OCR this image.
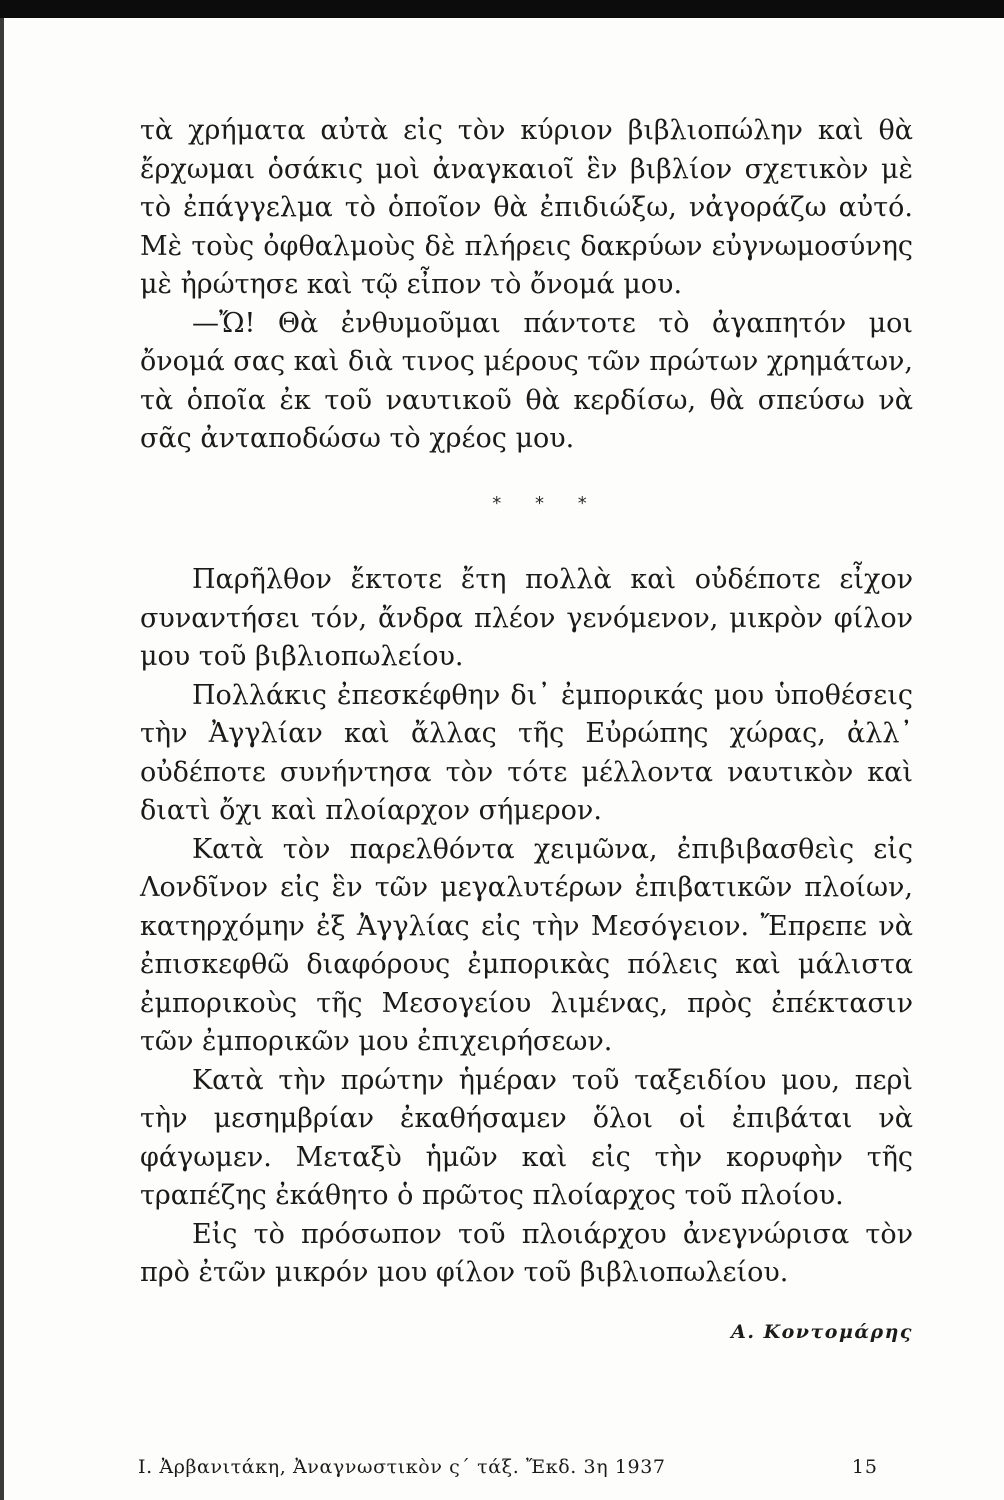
τὰ χρήματα αὐτὰ εἰς τὸν κύριον βιβλιοπώλην καὶ θὰ ἔρχωμαι ὁσάκις μοὶ ἀναγκαιοῖ ἓν βιβλίον σχετικὸν μὲ τὸ ἐπάγγελμα τὸ ὁποῖον θὰ ἐπιδιώξω, νἀγοράζω αὐτό. Μὲ τοὺς ὀφθαλμοὺς δὲ πλήρεις δακρύων εὐγνωμοσύνης μὲ ἠρώτησε καὶ τῷ εἶπον τὸ ὄνομά μου.

—Ὤ! Θὰ ἐνθυμοῦμαι πάντοτε τὸ ἀγαπητόν μοι ὄνομά σας καὶ διὰ τινος μέρους τῶν πρώτων χρημάτων, τὰ ὁποῖα ἐκ τοῦ ναυτικοῦ θὰ κερδίσω, θὰ σπεύσω νὰ σᾶς ἀνταποδώσω τὸ χρέος μου.

* * *

Παρῆλθον ἔκτοτε ἔτη πολλὰ καὶ οὐδέποτε εἶχον συναντήσει τόν, ἄνδρα πλέον γενόμενον, μικρὸν φίλον μου τοῦ βιβλιοπωλείου.

Πολλάκις ἐπεσκέφθην δι᾽ ἐμπορικάς μου ὑποθέσεις τὴν Ἀγγλίαν καὶ ἄλλας τῆς Εὐρώπης χώρας, ἀλλ᾽ οὐδέποτε συνήντησα τὸν τότε μέλλοντα ναυτικὸν καὶ διατὶ ὄχι καὶ πλοίαρχον σήμερον.

Κατὰ τὸν παρελθόντα χειμῶνα, ἐπιβιβασθεὶς εἰς Λονδῖνον εἰς ἓν τῶν μεγαλυτέρων ἐπιβατικῶν πλοίων, κατηρχόμην ἐξ Ἀγγλίας εἰς τὴν Μεσόγειον. Ἔπρεπε νὰ ἐπισκεφθῶ διαφόρους ἐμπορικὰς πόλεις καὶ μάλιστα ἐμπορικοὺς τῆς Μεσογείου λιμένας, πρὸς ἐπέκτασιν τῶν ἐμπορικῶν μου ἐπιχειρήσεων.

Κατὰ τὴν πρώτην ἡμέραν τοῦ ταξειδίου μου, περὶ τὴν μεσημβρίαν ἐκαθήσαμεν ὅλοι οἱ ἐπιβάται νὰ φάγωμεν. Μεταξὺ ἡμῶν καὶ εἰς τὴν κορυφὴν τῆς τραπέζης ἐκάθητο ὁ πρῶτος πλοίαρχος τοῦ πλοίου.

Εἰς τὸ πρόσωπον τοῦ πλοιάρχου ἀνεγνώρισα τὸν πρὸ ἐτῶν μικρόν μου φίλον τοῦ βιβλιοπωλείου.

Α. Κοντομάρης
Ι. Ἀρβανιτάκη, Ἀναγνωστικὸν ς´ τάξ. Ἔκδ. 3η 1937	15
